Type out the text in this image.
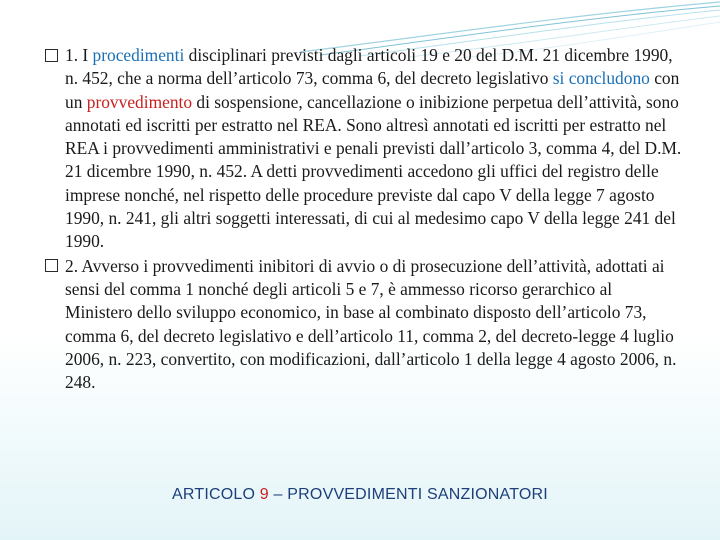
1. I procedimenti disciplinari previsti dagli articoli 19 e 20 del D.M. 21 dicembre 1990, n. 452, che a norma dell’articolo 73, comma 6, del decreto legislativo si concludono con un provvedimento di sospensione, cancellazione o inibizione perpetua dell’attività, sono annotati ed iscritti per estratto nel REA. Sono altresì annotati ed iscritti per estratto nel REA i provvedimenti amministrativi e penali previsti dall’articolo 3, comma 4, del D.M. 21 dicembre 1990, n. 452. A detti provvedimenti accedono gli uffici del registro delle imprese nonché, nel rispetto delle procedure previste dal capo V della legge 7 agosto 1990, n. 241, gli altri soggetti interessati, di cui al medesimo capo V della legge 241 del 1990.
2. Avverso i provvedimenti inibitori di avvio o di prosecuzione dell’attività, adottati ai sensi del comma 1 nonché degli articoli 5 e 7, è ammesso ricorso gerarchico al Ministero dello sviluppo economico, in base al combinato disposto dell’articolo 73, comma 6, del decreto legislativo e dell’articolo 11, comma 2, del decreto-legge 4 luglio 2006, n. 223, convertito, con modificazioni, dall’articolo 1 della legge 4 agosto 2006, n. 248.
ARTICOLO 9 – PROVVEDIMENTI SANZIONATORI
